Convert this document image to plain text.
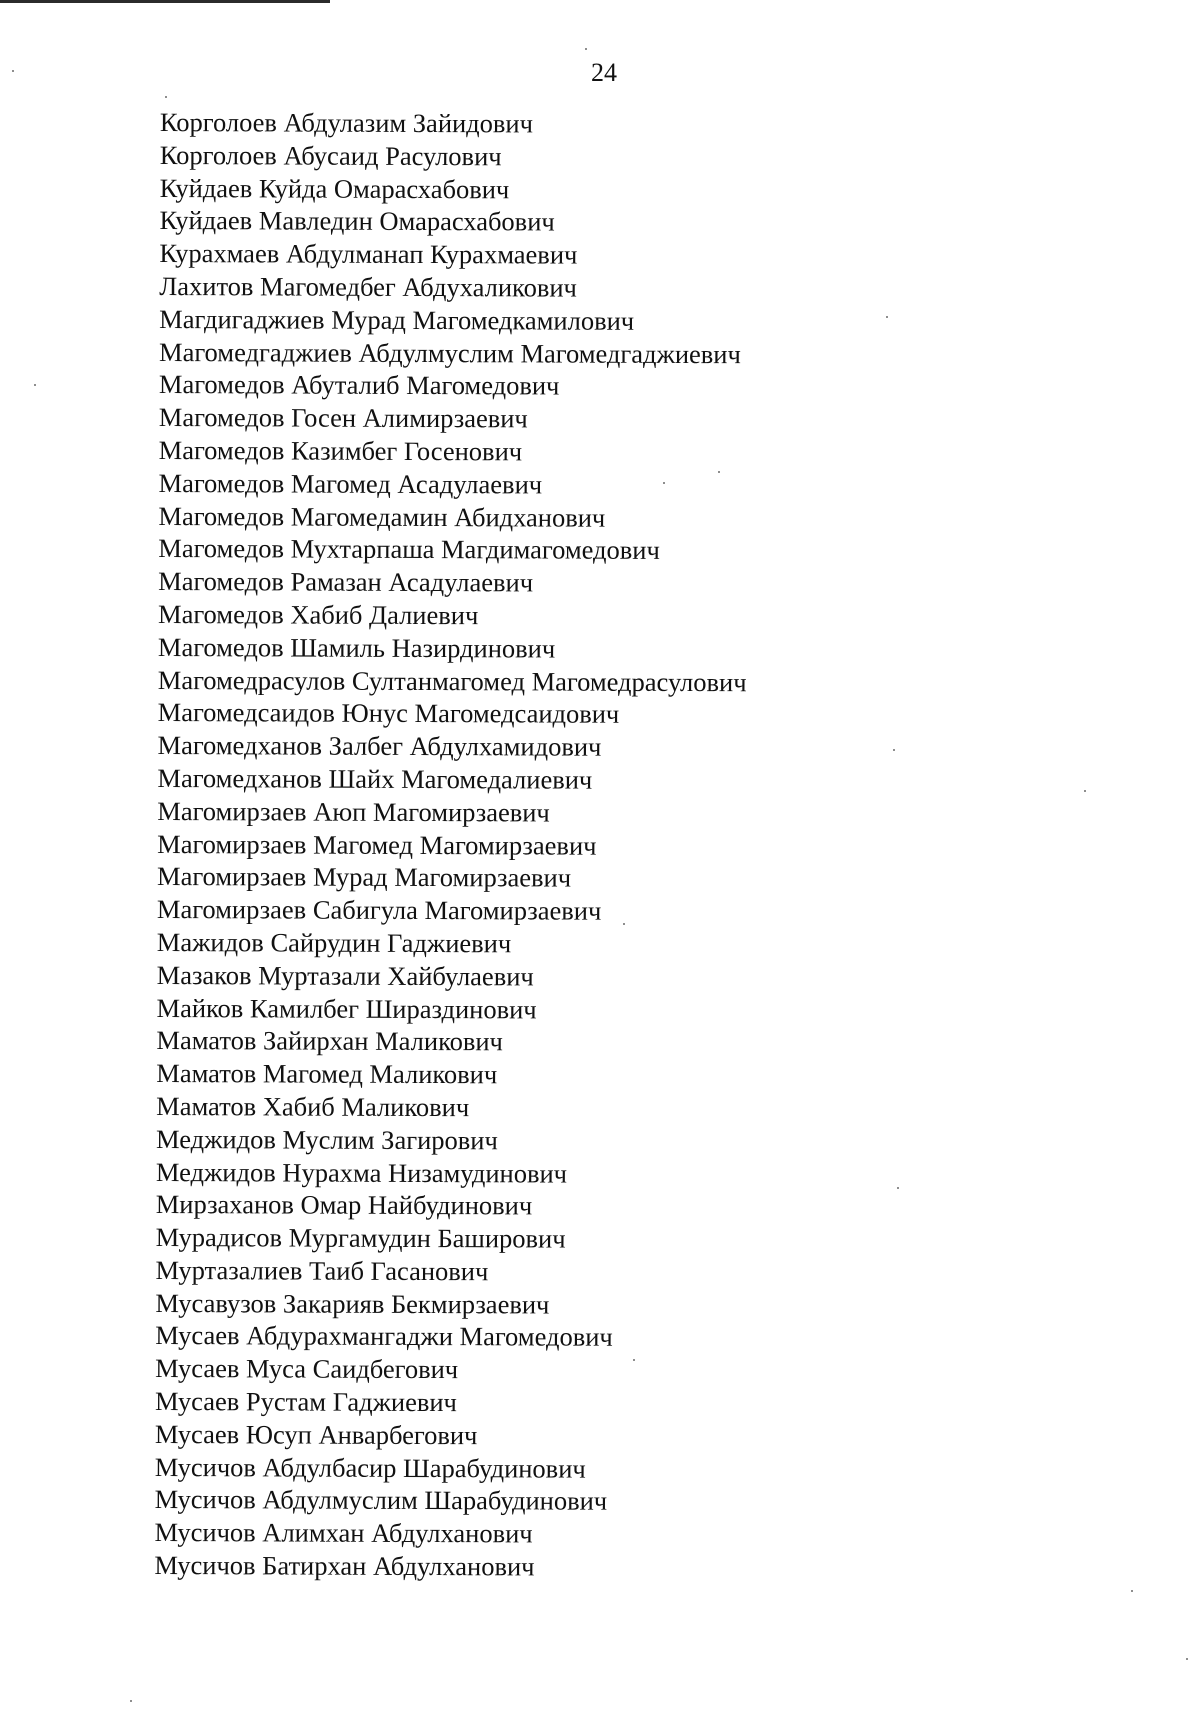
24
Корголоев Абдулазим Зайидович
Корголоев Абусаид Расулович
Куйдаев Куйда Омарасхабович
Куйдаев Мавледин Омарасхабович
Курахмаев Абдулманап Курахмаевич
Лахитов Магомедбег Абдухаликович
Магдигаджиев Мурад Магомедкамилович
Магомедгаджиев Абдулмуслим Магомедгаджиевич
Магомедов Абуталиб Магомедович
Магомедов Госен Алимирзаевич
Магомедов Казимбег Госенович
Магомедов Магомед Асадулаевич
Магомедов Магомедамин Абидханович
Магомедов Мухтарпаша Магдимагомедович
Магомедов Рамазан Асадулаевич
Магомедов Хабиб Далиевич
Магомедов Шамиль Назирдинович
Магомедрасулов Султанмагомед Магомедрасулович
Магомедсаидов Юнус Магомедсаидович
Магомедханов Залбег Абдулхамидович
Магомедханов Шайх Магомедалиевич
Магомирзаев Аюп Магомирзаевич
Магомирзаев Магомед Магомирзаевич
Магомирзаев Мурад Магомирзаевич
Магомирзаев Сабигула Магомирзаевич
Мажидов Сайрудин Гаджиевич
Мазаков Муртазали Хайбулаевич
Майков Камилбег Шираздинович
Маматов Зайирхан Маликович
Маматов Магомед Маликович
Маматов Хабиб Маликович
Меджидов Муслим Загирович
Меджидов Нурахма Низамудинович
Мирзаханов Омар Найбудинович
Мурадисов Мургамудин Баширович
Муртазалиев Таиб Гасанович
Мусавузов Закарияв Бекмирзаевич
Мусаев Абдурахмангаджи Магомедович
Мусаев Муса Саидбегович
Мусаев Рустам Гаджиевич
Мусаев Юсуп Анварбегович
Мусичов Абдулбасир Шарабудинович
Мусичов Абдулмуслим Шарабудинович
Мусичов Алимхан Абдулханович
Мусичов Батирхан Абдулханович
